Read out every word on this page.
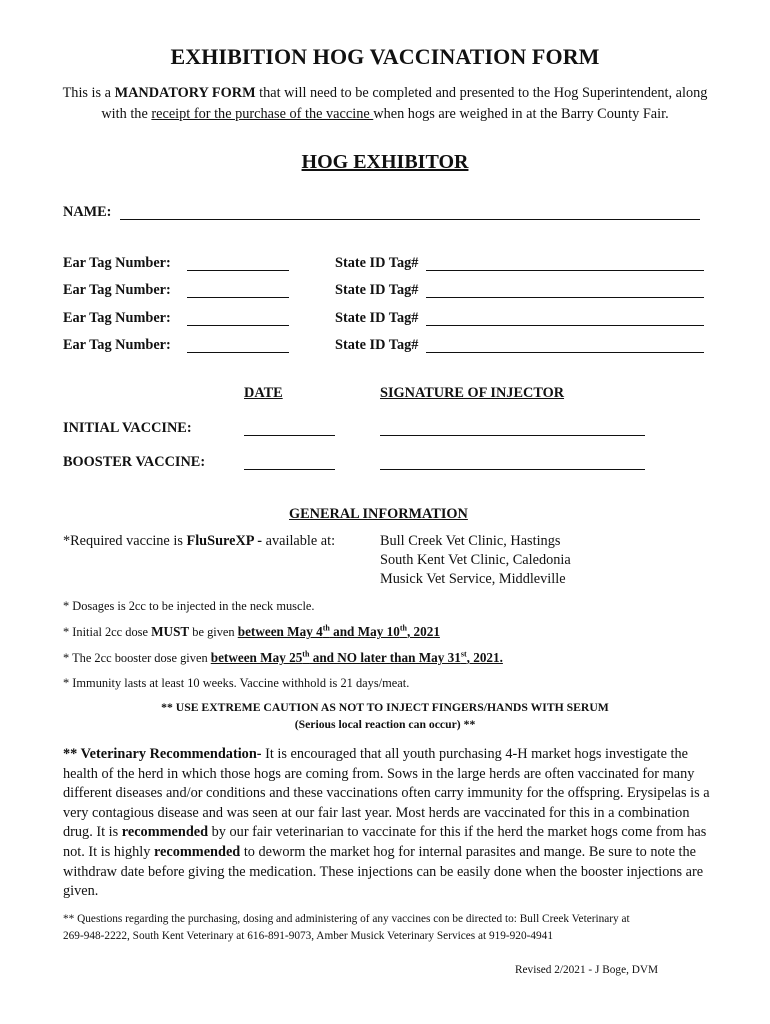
EXHIBITION HOG VACCINATION FORM
This is a MANDATORY FORM that will need to be completed and presented to the Hog Superintendent, along with the receipt for the purchase of the vaccine when hogs are weighed in at the Barry County Fair.
HOG EXHIBITOR
NAME:
Ear Tag Number:	State ID Tag#
Ear Tag Number:	State ID Tag#
Ear Tag Number:	State ID Tag#
Ear Tag Number:	State ID Tag#
DATE	SIGNATURE OF INJECTOR
INITIAL VACCINE:
BOOSTER VACCINE:
GENERAL INFORMATION
*Required vaccine is FluSureXP - available at:	Bull Creek Vet Clinic, Hastings
South Kent Vet Clinic, Caledonia
Musick Vet Service, Middleville
* Dosages is 2cc to be injected in the neck muscle.
* Initial 2cc dose MUST be given between May 4th and May 10th, 2021
* The 2cc booster dose given between May 25th and NO later than May 31st, 2021.
* Immunity lasts at least 10 weeks. Vaccine withhold is 21 days/meat.
** USE EXTREME CAUTION AS NOT TO INJECT FINGERS/HANDS WITH SERUM
(Serious local reaction can occur) **
** Veterinary Recommendation- It is encouraged that all youth purchasing 4-H market hogs investigate the health of the herd in which those hogs are coming from. Sows in the large herds are often vaccinated for many different diseases and/or conditions and these vaccinations often carry immunity for the offspring. Erysipelas is a very contagious disease and was seen at our fair last year. Most herds are vaccinated for this in a combination drug. It is recommended by our fair veterinarian to vaccinate for this if the herd the market hogs come from has not. It is highly recommended to deworm the market hog for internal parasites and mange. Be sure to note the withdraw date before giving the medication. These injections can be easily done when the booster injections are given.
** Questions regarding the purchasing, dosing and administering of any vaccines con be directed to: Bull Creek Veterinary at
269-948-2222, South Kent Veterinary at 616-891-9073, Amber Musick Veterinary Services at 919-920-4941
Revised 2/2021 - J Boge, DVM
